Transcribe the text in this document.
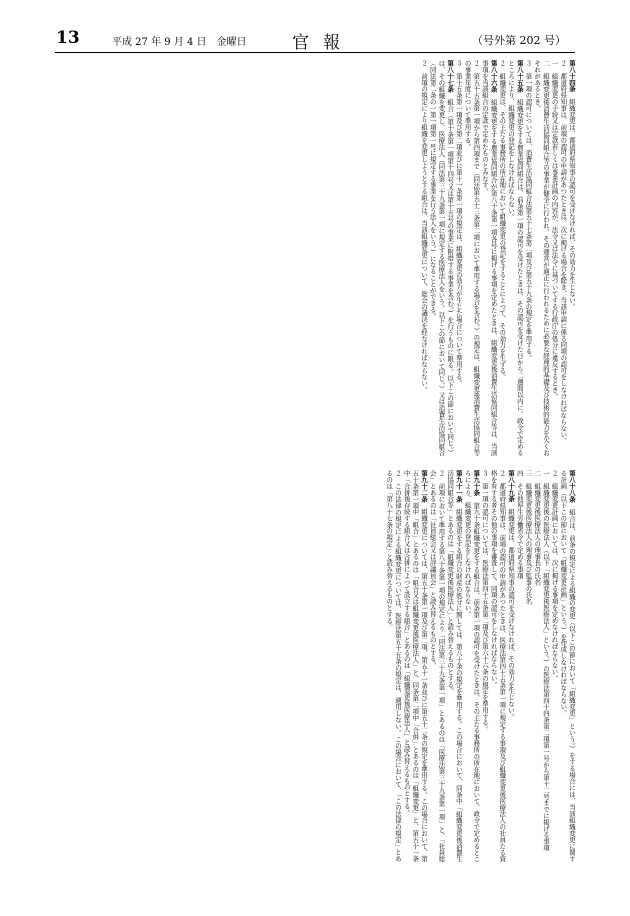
13	平成 27 年 9 月 4 日　金曜日	官報	（号外第 202 号）
第八十四条　組織変更は、都道府県知事の認可を受けなければ、その効力を生じない。
２　都道府県知事は、前項の認可の申請があつたときは、次に掲げる場合を除き、当該申請に係る同項の認可をしなければならない。
一　組織変更の手続又は定款若しくは事業計画の内容が、法令又は法令に基づいてする行政庁の処分に違反するとき。
二　組織変更後消費生活協同組合等の事業が健全に行われ、その運営が適正に行われるために必要な経理的基礎及び技術的能力を欠くおそれがあるとき。
３　第一項の認可については、消費生活協同組合法第五十七条第二項及び第五十九条の規定を準用する。
第八十五条　組織変更をする農業協同組合は、前条第一項の認可を受けたときは、その認可を受けた日から二週間以内に、政令で定めるところにより、組織変更の登記をしなければならない。
２　組織変更は、その主たる事務所の所在地において組織変更の登記をすることによつて、その効力を生ずる。
第八十六条　組織変更をする農業協同組合が第八十条第一項各号に掲げる事項を定めたときは、組織変更後消費生活協同組合等は、当該事項を当該組合の定款で定めたものとみなす。
２　第五十五条第一項から第四項まで（同法第五十三条第二項において準用する場合を含む。）の規定は、組織変更後消費生活協同組合等の事業年度について準用する。
３　第十五条第一項及び第二項並びに第十一条第一項の規定は、組織変更の効力が生じた場合について準用する。
第八十七条　組合（第十条第一項第十四号又は第十五号の事業に附帯する事業を含む。）を行うものに限る。以下この節において同じ。）は、その組織を変更し、医療法人（同法第三十九条第一項に規定する医療法人をいう。以下この節において同じ。）又は消費生活協同組合（同法第二条の一第一項第一号に規定する事業を行う法人をいう。）になることができる。
２　前項の規定により組織を変更しようとする組合は、当該組織変更について、総会の議決を経なければならない。
第八十八条　組合は、前条の規定による組織の変更（以下この節において「組織変更」という。）をする場合には、当該組織変更に関する計画（以下この節において「組織変更計画」という。）を作成しなければならない。
２　組織変更計画においては、次に掲げる事項を定めなければならない。
一　組織変更後の医療法人（以下「組織変更後医療法人」という。）の医療法第四十四条第二項第一号から第十二号までに掲げる事項
二　組織変更後医療法人の理事長の氏名
三　組織変更後医療法人の理事及び監事の氏名
四　その他厚生労働省令で定める事項
第八十九条　組織変更は、都道府県知事の認可を受けなければ、その効力を生じない。
２　都道府県知事は、前項の認可の申請があつたときは、医療法第四十五条第一項に規定する事項及び組織変更後医療法人の社員たる資格を有する者その他の事項を審査して、同項の認可をしなければならない。
３　第一項の認可については、医療法第四十五条第二項及び第六十六条の規定を準用する。
第九十条　第九十条組織変更をする組合は、前条第一項の認可を受けたときは、その主たる事務所の所在地において、政令で定めるところにより、組織変更の登記をしなければならない。
第九十一条　組織変更をする組合の財産の処分に関しては、第八十条の規定を準用する。この場合において、同条中「組織変更後消費生活協同組合等」とあるのは「組織変更後医療法人」と読み替えるものとする。
２　前項において準用する第八十条第一項の規定により「同法第三十九条第一項」とあるのは「医療法第三十九条第一項」と、「社員総会」とあるのは「社員総会又は評議員会」と読み替えるものとする。
第九十二条　組織変更については、第五十条第一項及び第二項、第五十一条並びに第五十二条の規定を準用する。この場合において、第五十条第一項中「組合」とあるのは「組合又は組織変更後医療法人」と、同条第二項中「合併」とあるのは「組織変更」と、第五十一条中「合併後存続する組合又は合併によつて設立する組合」とあるのは「組織変更後医療法人」と読み替えるものとする。
２　この法律の規定による組織変更については、医療法第五十五条の規定は、適用しない。この場合において、「この法律の規定」とあるのは「第八十七条の規定」と読み替えるものとする。
